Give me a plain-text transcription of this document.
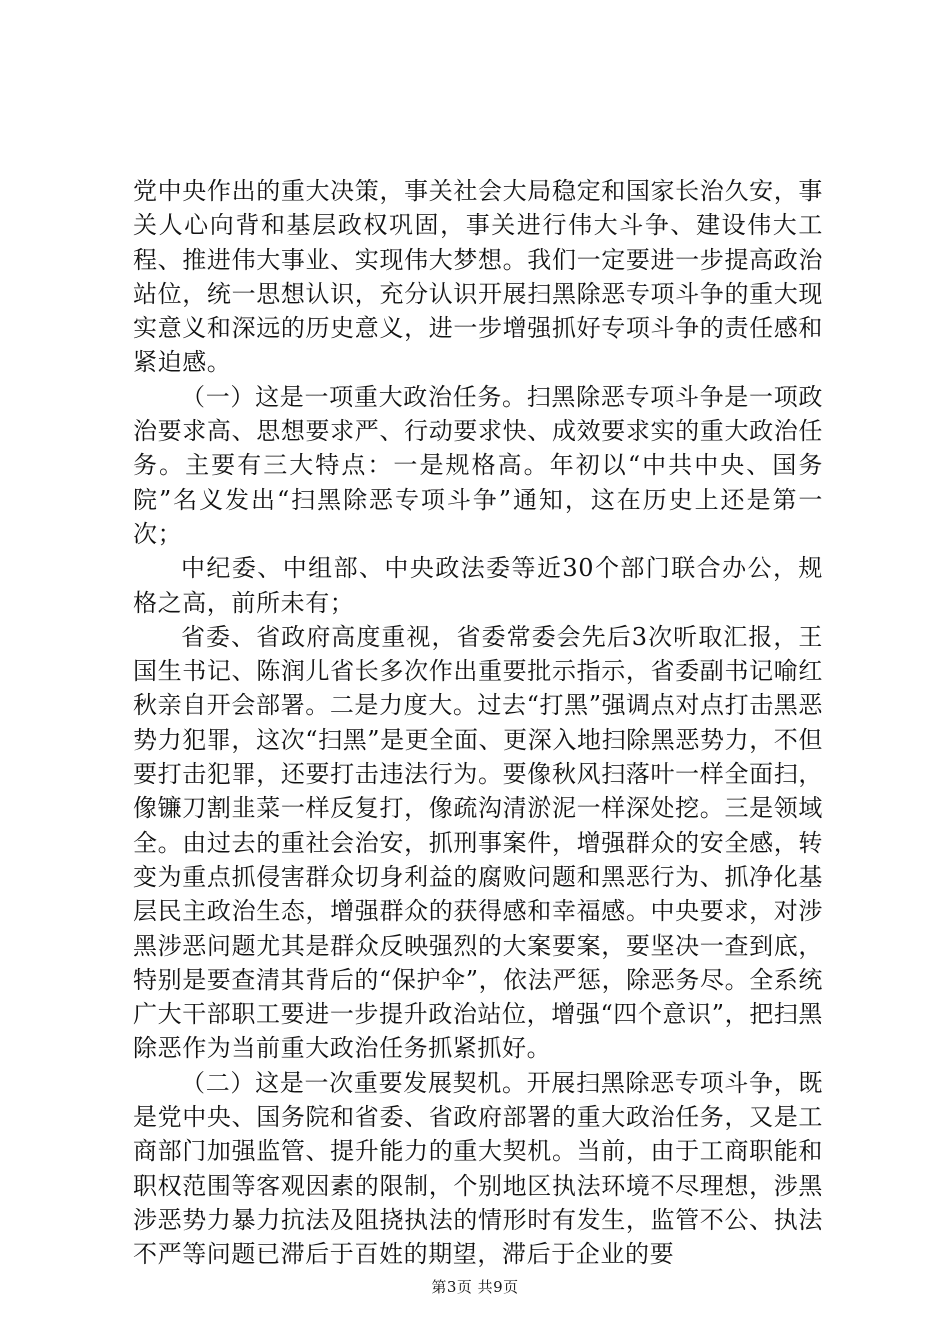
党中央作出的重大决策，事关社会大局稳定和国家长治久安，事关人心向背和基层政权巩固，事关进行伟大斗争、建设伟大工程、推进伟大事业、实现伟大梦想。我们一定要进一步提高政治站位，统一思想认识，充分认识开展扫黑除恶专项斗争的重大现实意义和深远的历史意义，进一步增强抓好专项斗争的责任感和紧迫感。

（一）这是一项重大政治任务。扫黑除恶专项斗争是一项政治要求高、思想要求严、行动要求快、成效要求实的重大政治任务。主要有三大特点：一是规格高。年初以“中共中央、国务院”名义发出“扫黑除恶专项斗争”通知，这在历史上还是第一次；

中纪委、中组部、中央政法委等近30个部门联合办公，规格之高，前所未有；

省委、省政府高度重视，省委常委会先后3次听取汇报，王国生书记、陈润儿省长多次作出重要批示指示，省委副书记喻红秋亲自开会部署。二是力度大。过去“打黑”强调点对点打击黑恶势力犯罪，这次“扫黑”是更全面、更深入地扫除黑恶势力，不但要打击犯罪，还要打击违法行为。要像秋风扫落叶一样全面扫，像镰刀割韭菜一样反复打，像疏沟清淤泥一样深处挖。三是领域全。由过去的重社会治安，抓刑事案件，增强群众的安全感，转变为重点抓侵害群众切身利益的腐败问题和黑恶行为、抓净化基层民主政治生态，增强群众的获得感和幸福感。中央要求，对涉黑涉恶问题尤其是群众反映强烈的大案要案，要坚决一查到底，特别是要查清其背后的“保护伞”，依法严惩，除恶务尽。全系统广大干部职工要进一步提升政治站位，增强“四个意识”，把扫黑除恶作为当前重大政治任务抓紧抓好。

（二）这是一次重要发展契机。开展扫黑除恶专项斗争，既是党中央、国务院和省委、省政府部署的重大政治任务，又是工商部门加强监管、提升能力的重大契机。当前，由于工商职能和职权范围等客观因素的限制，个别地区执法环境不尽理想，涉黑涉恶势力暴力抗法及阻挠执法的情形时有发生，监管不公、执法不严等问题已滞后于百姓的期望，滞后于企业的要

第3页 共9页
